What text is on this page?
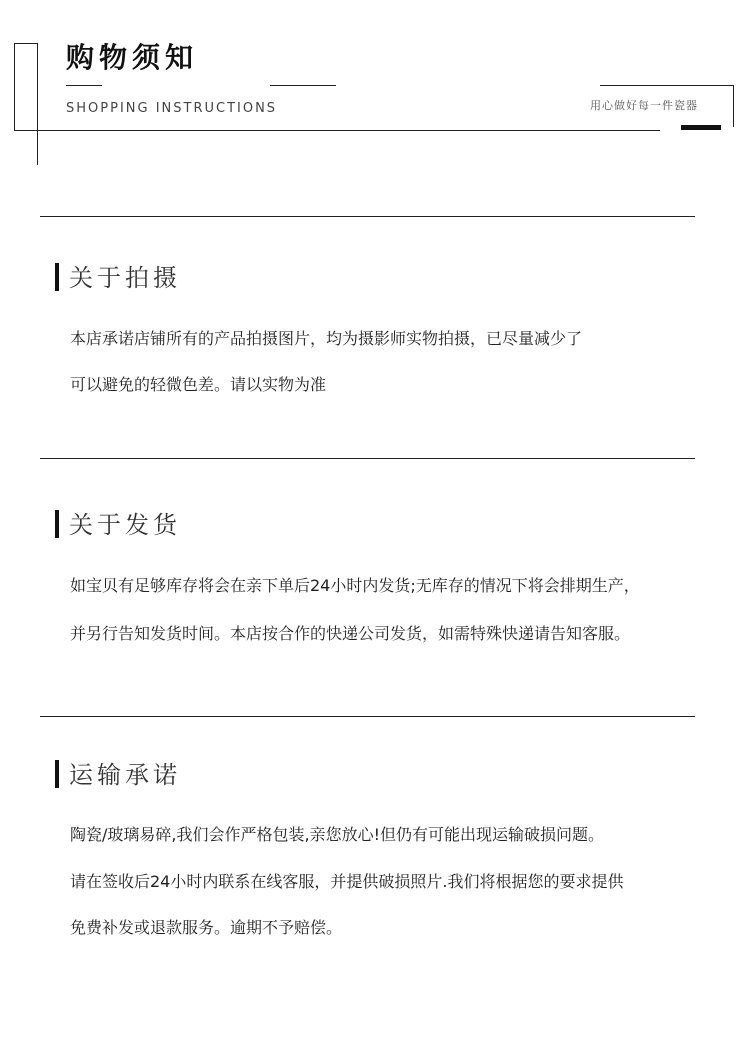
购物须知
SHOPPING INSTRUCTIONS	用心做好每一件瓷器
关于拍摄
本店承诺店铺所有的产品拍摄图片，均为摄影师实物拍摄，已尽量减少了
可以避免的轻微色差。请以实物为准
关于发货
如宝贝有足够库存将会在亲下单后24小时内发货;无库存的情况下将会排期生产，
并另行告知发货时间。本店按合作的快递公司发货，如需特殊快递请告知客服。
运输承诺
陶瓷/玻璃易碎,我们会作严格包装,亲您放心!但仍有可能出现运输破损问题。
请在签收后24小时内联系在线客服，并提供破损照片.我们将根据您的要求提供
免费补发或退款服务。逾期不予赔偿。
